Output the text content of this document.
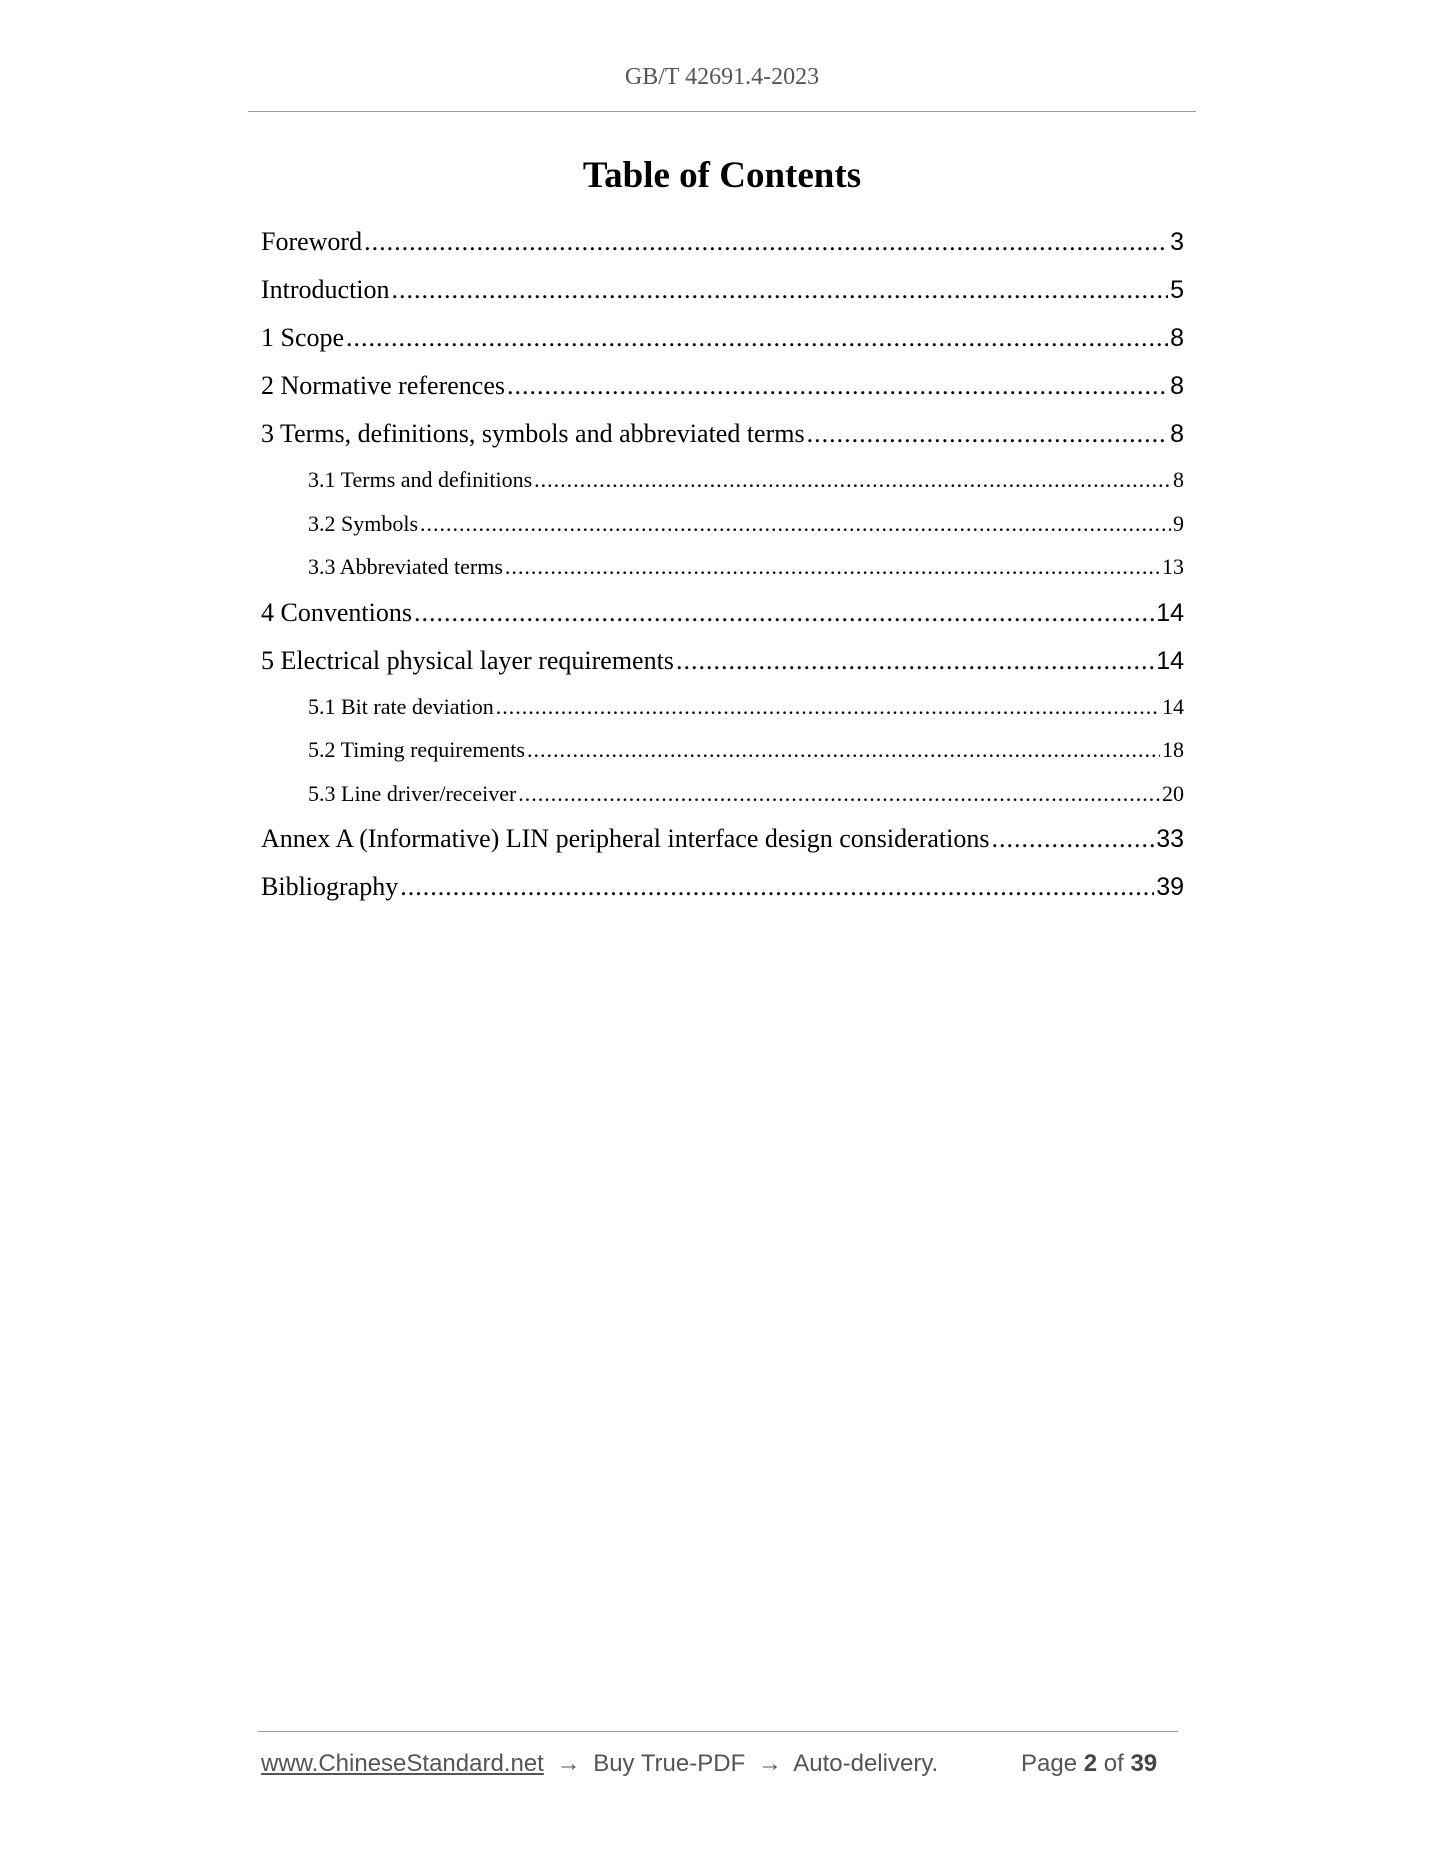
GB/T 42691.4-2023
Table of Contents
Foreword .....	3
Introduction .....	5
1 Scope .....	8
2 Normative references .....	8
3 Terms, definitions, symbols and abbreviated terms .....	8
3.1 Terms and definitions .....	8
3.2 Symbols .....	9
3.3 Abbreviated terms .....	13
4 Conventions .....	14
5 Electrical physical layer requirements .....	14
5.1 Bit rate deviation .....	14
5.2 Timing requirements .....	18
5.3 Line driver/receiver .....	20
Annex A (Informative) LIN peripheral interface design considerations .....	33
Bibliography .....	39
www.ChineseStandard.net → Buy True-PDF → Auto-delivery.	Page 2 of 39
